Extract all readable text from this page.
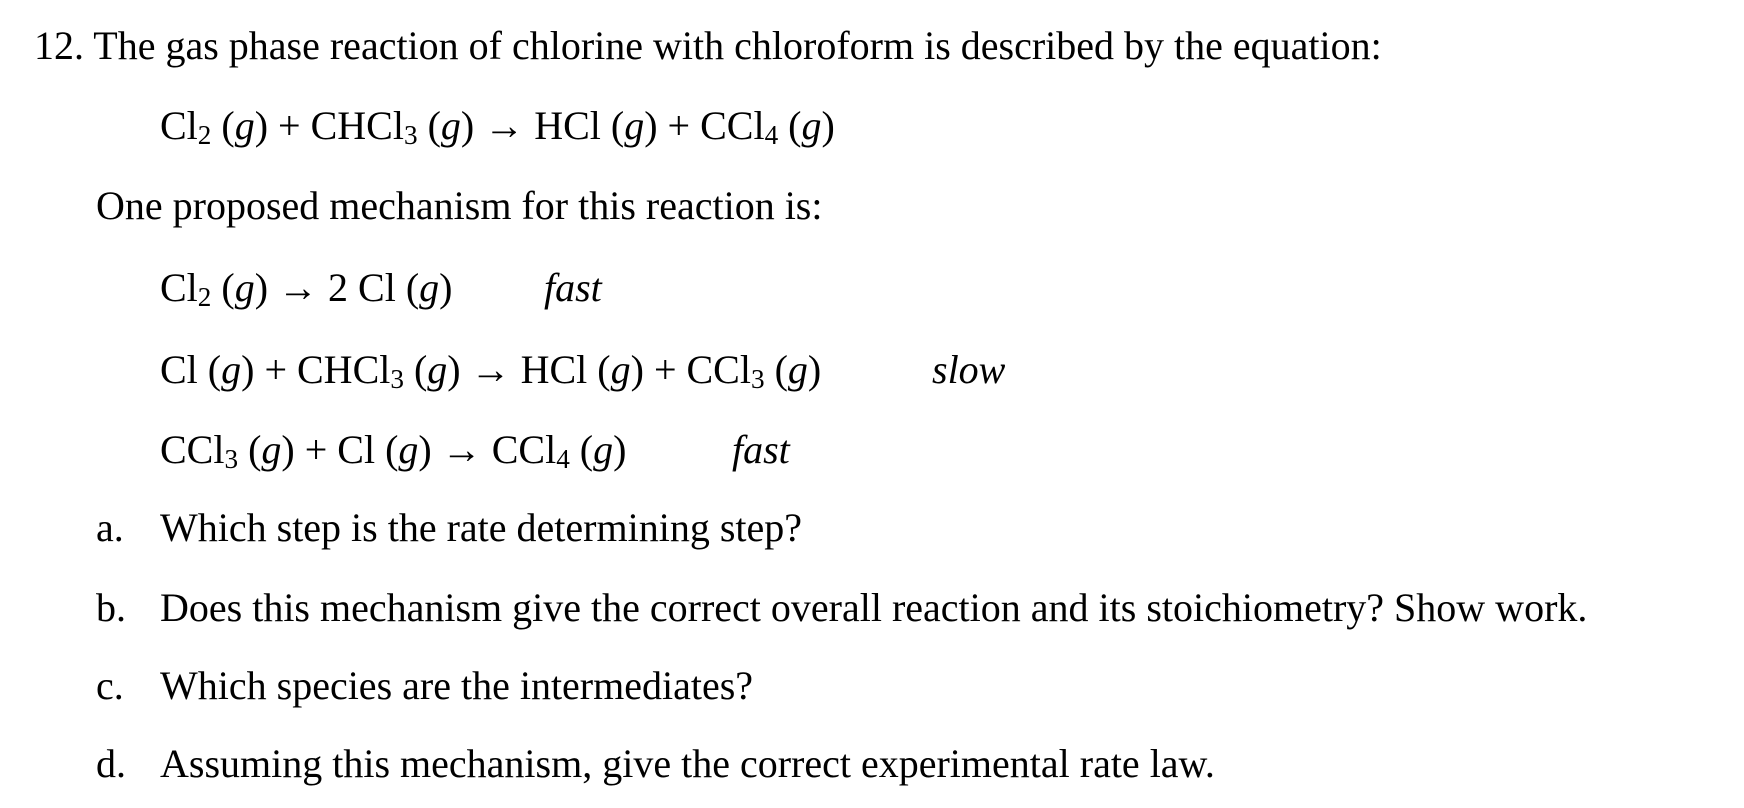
12. The gas phase reaction of chlorine with chloroform is described by the equation:
$Cl_2$ (g) + CHCl$_3$ (g) → HCl (g) + CCl$_4$ (g)
One proposed mechanism for this reaction is:
$Cl_2$ (g) → 2 Cl (g) fast
Cl (g) + CHCl$_3$ (g) → HCl (g) + CCl$_3$ (g)	slow
CCl$_3$ (g) + Cl (g) → CCl$_4$ (g)	fast
a. Which step is the rate determining step?
b. Does this mechanism give the correct overall reaction and its stoichiometry? Show work.
c. Which species are the intermediates?
d. Assuming this mechanism, give the correct experimental rate law.
